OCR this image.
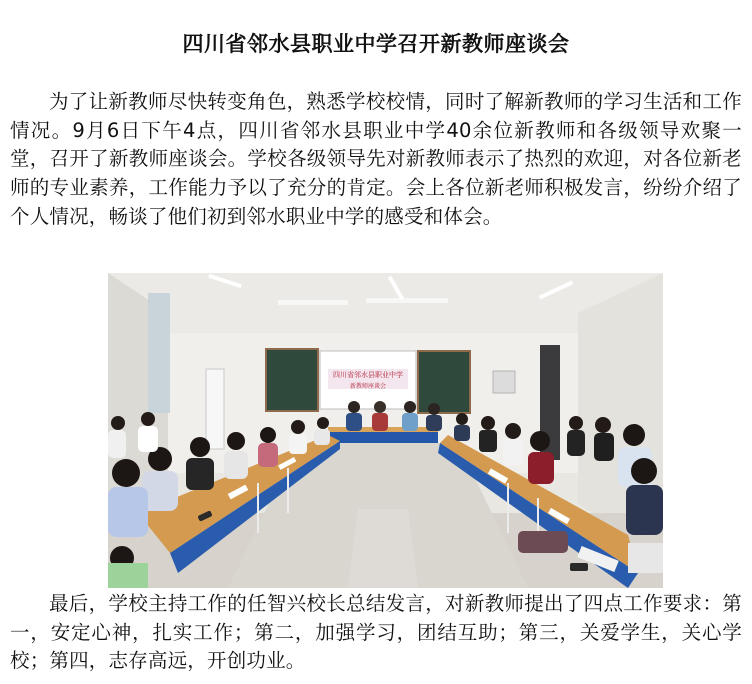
四川省邻水县职业中学召开新教师座谈会

为了让新教师尽快转变角色，熟悉学校校情，同时了解新教师的学习生活和工作情况。9月6日下午4点，四川省邻水县职业中学40余位新教师和各级领导欢聚一堂，召开了新教师座谈会。学校各级领导先对新教师表示了热烈的欢迎，对各位新老师的专业素养，工作能力予以了充分的肯定。会上各位新老师积极发言，纷纷介绍了个人情况，畅谈了他们初到邻水职业中学的感受和体会。

四川省邻水县职业中学
新教师座谈会

最后，学校主持工作的任智兴校长总结发言，对新教师提出了四点工作要求：第一，安定心神，扎实工作；第二，加强学习，团结互助；第三，关爱学生，关心学校；第四，志存高远，开创功业。
